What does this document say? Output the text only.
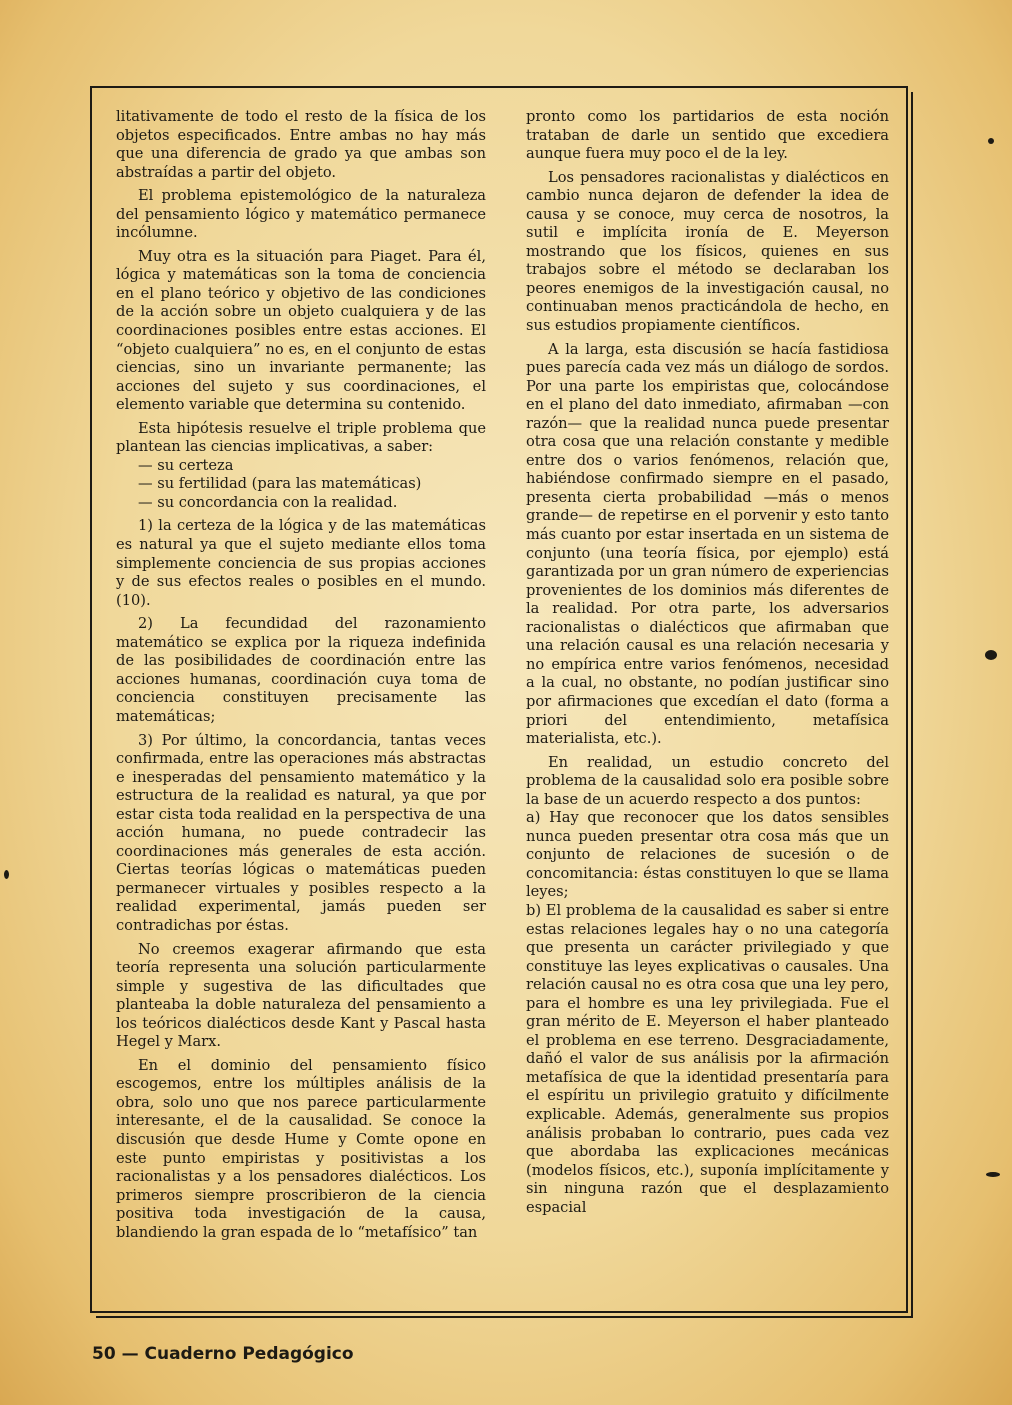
litativamente de todo el resto de la física de los objetos especificados. Entre ambas no hay más que una diferencia de grado ya que ambas son abstraídas a partir del objeto.

El problema epistemológico de la naturaleza del pensamiento lógico y matemático permanece incólumne.

Muy otra es la situación para Piaget. Para él, lógica y matemáticas son la toma de conciencia en el plano teórico y objetivo de las condiciones de la acción sobre un objeto cualquiera y de las coordinaciones posibles entre estas acciones. El “objeto cualquiera” no es, en el conjunto de estas ciencias, sino un invariante permanente; las acciones del sujeto y sus coordinaciones, el elemento variable que determina su contenido.

Esta hipótesis resuelve el triple problema que plantean las ciencias implicativas, a saber:

— su certeza

— su fertilidad (para las matemáticas)

— su concordancia con la realidad.

1) la certeza de la lógica y de las matemáticas es natural ya que el sujeto mediante ellos toma simplemente conciencia de sus propias acciones y de sus efectos reales o posibles en el mundo. (10).

2) La fecundidad del razonamiento matemático se explica por la riqueza indefinida de las posibilidades de coordinación entre las acciones humanas, coordinación cuya toma de conciencia constituyen precisamente las matemáticas;

3) Por último, la concordancia, tantas veces confirmada, entre las operaciones más abstractas e inesperadas del pensamiento matemático y la estructura de la realidad es natural, ya que por estar cista toda realidad en la perspectiva de una acción humana, no puede contradecir las coordinaciones más generales de esta acción. Ciertas teorías lógicas o matemáticas pueden permanecer virtuales y posibles respecto a la realidad experimental, jamás pueden ser contradichas por éstas.

No creemos exagerar afirmando que esta teoría representa una solución particularmente simple y sugestiva de las dificultades que planteaba la doble naturaleza del pensamiento a los teóricos dialécticos desde Kant y Pascal hasta Hegel y Marx.

En el dominio del pensamiento físico escogemos, entre los múltiples análisis de la obra, solo uno que nos parece particularmente interesante, el de la causalidad. Se conoce la discusión que desde Hume y Comte opone en este punto empiristas y positivistas a los racionalistas y a los pensadores dialécticos. Los primeros siempre proscribieron de la ciencia positiva toda investigación de la causa, blandiendo la gran espada de lo “metafísico” tan

pronto como los partidarios de esta noción trataban de darle un sentido que excediera aunque fuera muy poco el de la ley.

Los pensadores racionalistas y dialécticos en cambio nunca dejaron de defender la idea de causa y se conoce, muy cerca de nosotros, la sutil e implícita ironía de E. Meyerson mostrando que los físicos, quienes en sus trabajos sobre el método se declaraban los peores enemigos de la investigación causal, no continuaban menos practicándola de hecho, en sus estudios propiamente científicos.

A la larga, esta discusión se hacía fastidiosa pues parecía cada vez más un diálogo de sordos. Por una parte los empiristas que, colocándose en el plano del dato inmediato, afirmaban —con razón— que la realidad nunca puede presentar otra cosa que una relación constante y medible entre dos o varios fenómenos, relación que, habiéndose confirmado siempre en el pasado, presenta cierta probabilidad —más o menos grande— de repetirse en el porvenir y esto tanto más cuanto por estar insertada en un sistema de conjunto (una teoría física, por ejemplo) está garantizada por un gran número de experiencias provenientes de los dominios más diferentes de la realidad. Por otra parte, los adversarios racionalistas o dialécticos que afirmaban que una relación causal es una relación necesaria y no empírica entre varios fenómenos, necesidad a la cual, no obstante, no podían justificar sino por afirmaciones que excedían el dato (forma a priori del entendimiento, metafísica materialista, etc.).

En realidad, un estudio concreto del problema de la causalidad solo era posible sobre la base de un acuerdo respecto a dos puntos:

a) Hay que reconocer que los datos sensibles nunca pueden presentar otra cosa más que un conjunto de relaciones de sucesión o de concomitancia: éstas constituyen lo que se llama leyes;

b) El problema de la causalidad es saber si entre estas relaciones legales hay o no una categoría que presenta un carácter privilegiado y que constituye las leyes explicativas o causales. Una relación causal no es otra cosa que una ley pero, para el hombre es una ley privilegiada. Fue el gran mérito de E. Meyerson el haber planteado el problema en ese terreno. Desgraciadamente, dañó el valor de sus análisis por la afirmación metafísica de que la identidad presentaría para el espíritu un privilegio gratuito y difícilmente explicable. Además, generalmente sus propios análisis probaban lo contrario, pues cada vez que abordaba las explicaciones mecánicas (modelos físicos, etc.), suponía implícitamente y sin ninguna razón que el desplazamiento espacial

50 — Cuaderno Pedagógico
